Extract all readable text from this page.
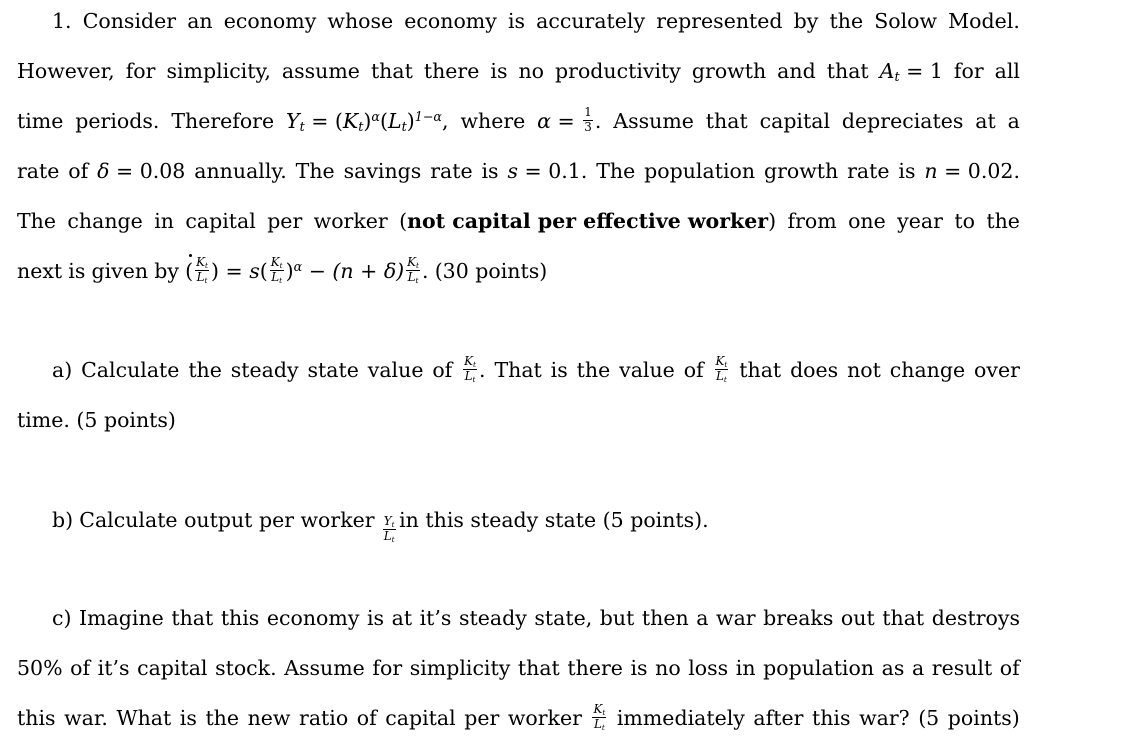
1. Consider an economy whose economy is accurately represented by the Solow Model.
However, for simplicity, assume that there is no productivity growth and that $A_t = 1$ for all
time periods. Therefore $Y_t = (K_t)^\alpha(L_t)^{1-\alpha}$, where $\alpha = \frac{1}{3}$ . Assume that capital depreciates at a
rate of δ = 0.08 annually. The savings rate is s = 0.1. The population growth rate is n = 0.02.
The change in capital per worker (not capital per effective worker) from one year to the
next is given by ( $\frac{K_t}{L_t}$ ) = $s( \frac{K_t}{L_t} )^\alpha - (n + \delta) \frac{K_t}{L_t}$ . (30 points)
a) Calculate the steady state value of $\frac{K_t}{L_t}$ . That is the value of $\frac{K_t}{L_t}$ that does not change over
time. (5 points)
b) Calculate output per worker $\frac{Y_t}{L_t}$ in this steady state (5 points).
c) Imagine that this economy is at it’s steady state, but then a war breaks out that destroys
50% of it’s capital stock. Assume for simplicity that there is no loss in population as a result of
this war. What is the new ratio of capital per worker $\frac{K_t}{L_t}$ immediately after this war? (5 points)
